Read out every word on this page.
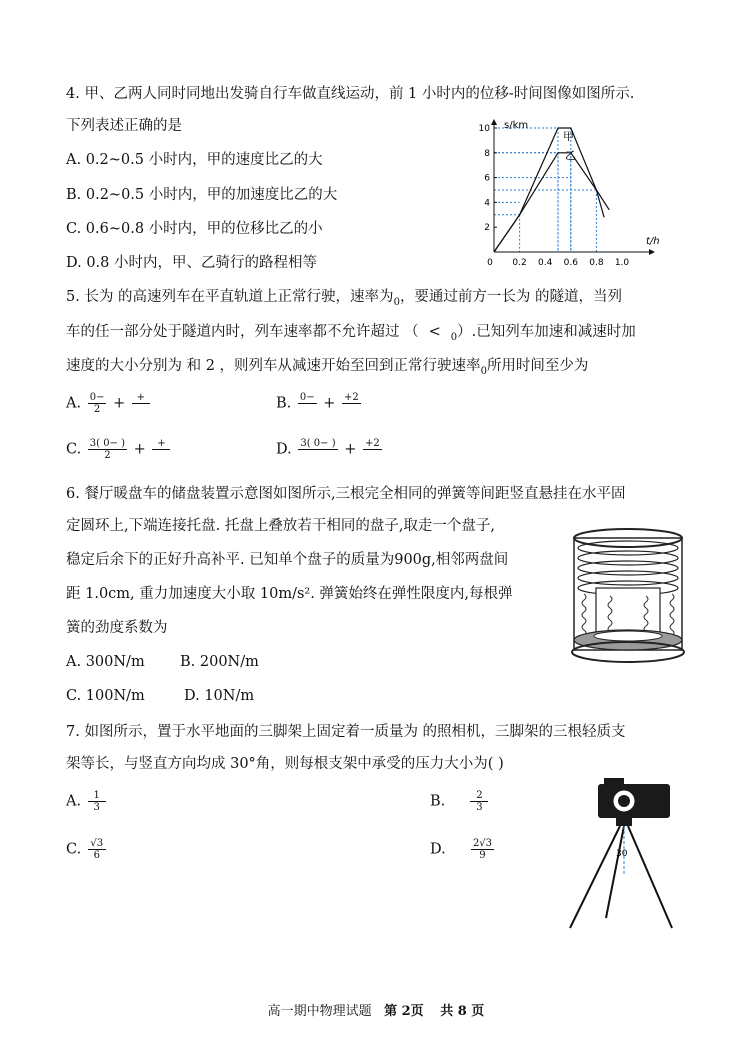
4. 甲、乙两人同时同地出发骑自行车做直线运动，前 1 小时内的位移-时间图像如图所示.
下列表述正确的是
A. 0.2~0.5 小时内，甲的速度比乙的大
B. 0.2~0.5 小时内，甲的加速度比乙的大
C. 0.6~0.8 小时内，甲的位移比乙的小
D. 0.8 小时内，甲、乙骑行的路程相等
s/km
t/h
10
8
6
4
2
0 0.2 0.4 0.6 0.8 1.0
甲
乙
5. 长为 的高速列车在平直轨道上正常行驶，速率为$_0$，要通过前方一长为 的隧道，当列
车的任一部分处于隧道内时，列车速率都不允许超过 （ < $_0$）.已知列车加速和减速时加
速度的大小分别为 和 2 ，则列车从减速开始至回到正常行驶速率$_0$所用时间至少为
A. $\frac{0-}{2}$ +	+
	B. 0−
+ +2

C. $\frac{3( 0- )}{2}$ +	+
	D. 3( 0− )
+ +2

6. 餐厅暖盘车的储盘装置示意图如图所示,三根完全相同的弹簧等间距竖直悬挂在水平固
定圆环上,下端连接托盘. 托盘上叠放若干相同的盘子,取走一个盘子,
稳定后余下的正好升高补平. 已知单个盘子的质量为900g,相邻两盘间
距 1.0cm, 重力加速度大小取 10m/s². 弹簧始终在弹性限度内,每根弹
簧的劲度系数为
A. 300N/m B. 200N/m
C. 100N/m	D. 10N/m
7. 如图所示，置于水平地面的三脚架上固定着一质量为 的照相机，三脚架的三根轻质支
架等长，与竖直方向均成 30°角，则每根支架中承受的压力大小为( )
A. $\frac{1}{3}$	B.	$\frac{2}{3}$
C. $\frac{√3}{6}$	D.	$\frac{2√3}{9}$	30
高一期中物理试题 第 2页 共 8 页
